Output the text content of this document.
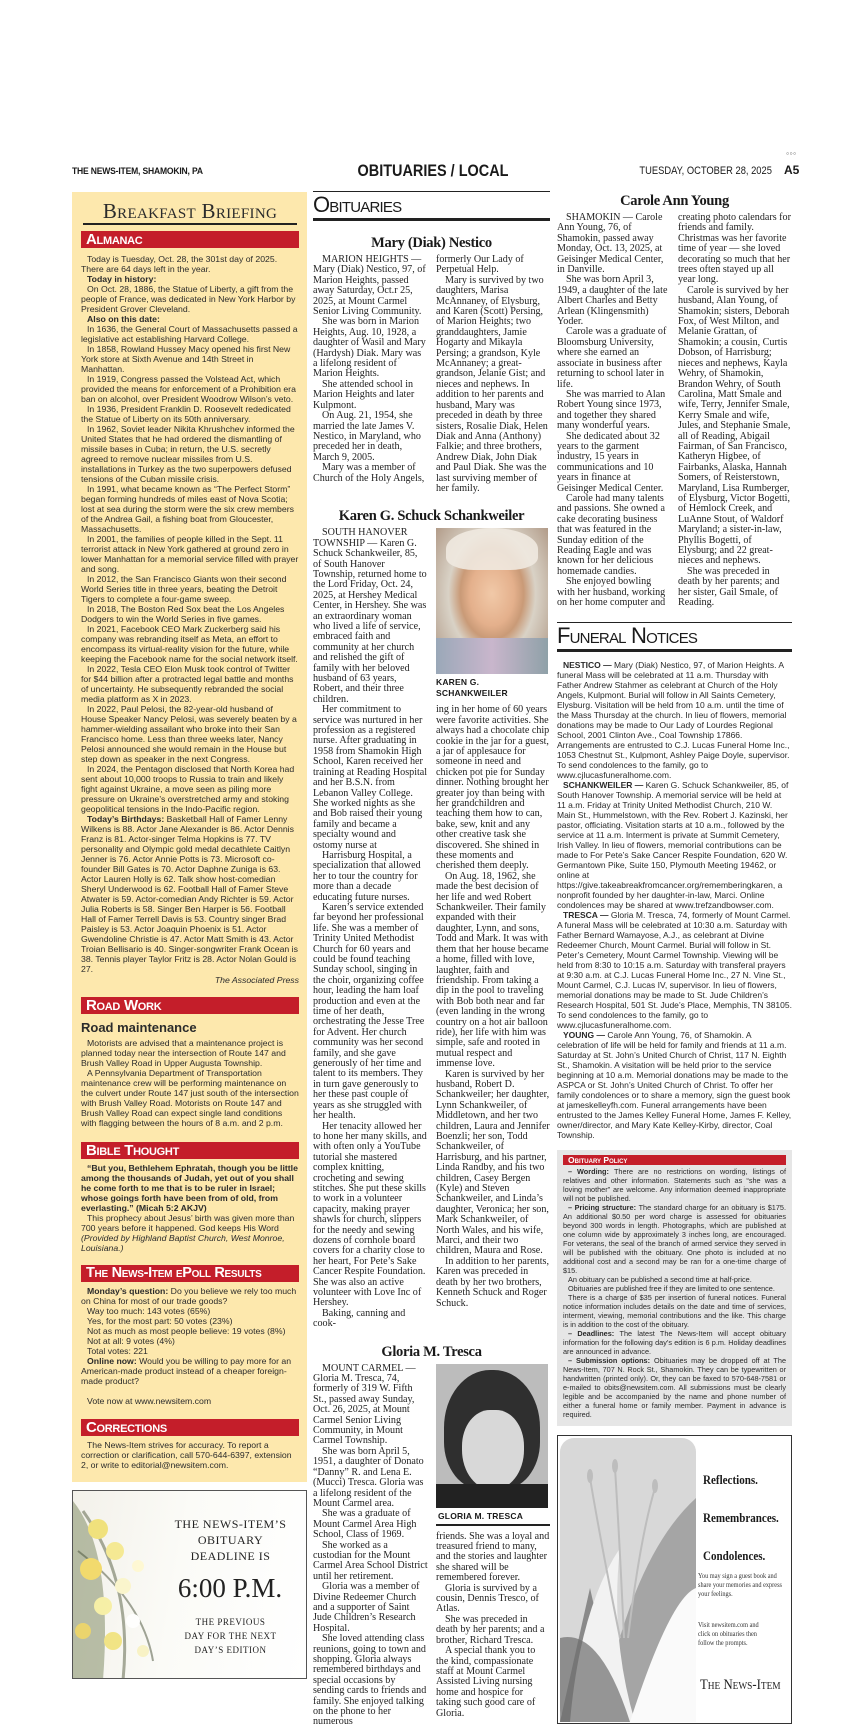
THE NEWS-ITEM, SHAMOKIN, PA	OBITUARIES / LOCAL	TUESDAY, OCTOBER 28, 2025
○○○
A5
Breakfast Briefing
Almanac

Today is Tuesday, Oct. 28, the 301st day of 2025. There are 64 days left in the year.

Today in history:

On Oct. 28, 1886, the Statue of Liberty, a gift from the people of France, was dedicated in New York Harbor by President Grover Cleveland.

Also on this date:

In 1636, the General Court of Massachusetts passed a legislative act establishing Harvard College.

In 1858, Rowland Hussey Macy opened his first New York store at Sixth Avenue and 14th Street in Manhattan.

In 1919, Congress passed the Volstead Act, which provided the means for enforcement of a Prohibition era ban on alcohol, over President Woodrow Wilson’s veto.

In 1936, President Franklin D. Roosevelt rededicated the Statue of Liberty on its 50th anniversary.

In 1962, Soviet leader Nikita Khrushchev informed the United States that he had ordered the dismantling of missile bases in Cuba; in return, the U.S. secretly agreed to remove nuclear missiles from U.S. installations in Turkey as the two superpowers defused tensions of the Cuban missile crisis.

In 1991, what became known as “The Perfect Storm” began forming hundreds of miles east of Nova Scotia; lost at sea during the storm were the six crew members of the Andrea Gail, a fishing boat from Gloucester, Massachusetts.

In 2001, the families of people killed in the Sept. 11 terrorist attack in New York gathered at ground zero in lower Manhattan for a memorial service filled with prayer and song.

In 2012, the San Francisco Giants won their second World Series title in three years, beating the Detroit Tigers to complete a four-game sweep.

In 2018, The Boston Red Sox beat the Los Angeles Dodgers to win the World Series in five games.

In 2021, Facebook CEO Mark Zuckerberg said his company was rebranding itself as Meta, an effort to encompass its virtual-reality vision for the future, while keeping the Facebook name for the social network itself.

In 2022, Tesla CEO Elon Musk took control of Twitter for $44 billion after a protracted legal battle and months of uncertainty. He subsequently rebranded the social media platform as X in 2023.

In 2022, Paul Pelosi, the 82-year-old husband of House Speaker Nancy Pelosi, was severely beaten by a hammer-wielding assailant who broke into their San Francisco home. Less than three weeks later, Nancy Pelosi announced she would remain in the House but step down as speaker in the next Congress.

In 2024, the Pentagon disclosed that North Korea had sent about 10,000 troops to Russia to train and likely fight against Ukraine, a move seen as piling more pressure on Ukraine’s overstretched army and stoking geopolitical tensions in the Indo-Pacific region.

Today’s Birthdays: Basketball Hall of Famer Lenny Wilkens is 88. Actor Jane Alexander is 86. Actor Dennis Franz is 81. Actor-singer Telma Hopkins is 77. TV personality and Olympic gold medal decathlete Caitlyn Jenner is 76. Actor Annie Potts is 73. Microsoft co-founder Bill Gates is 70. Actor Daphne Zuniga is 63. Actor Lauren Holly is 62. Talk show host-comedian Sheryl Underwood is 62. Football Hall of Famer Steve Atwater is 59. Actor-comedian Andy Richter is 59. Actor Julia Roberts is 58. Singer Ben Harper is 56. Football Hall of Famer Terrell Davis is 53. Country singer Brad Paisley is 53. Actor Joaquin Phoenix is 51. Actor Gwendoline Christie is 47. Actor Matt Smith is 43. Actor Troian Bellisario is 40. Singer-songwriter Frank Ocean is 38. Tennis player Taylor Fritz is 28. Actor Nolan Gould is 27.

The Associated Press
Road Work
Road maintenance

Motorists are advised that a maintenance project is planned today near the intersection of Route 147 and Brush Valley Road in Upper Augusta Township.

A Pennsylvania Department of Transportation maintenance crew will be performing maintenance on the culvert under Route 147 just south of the intersection with Brush Valley Road. Motorists on Route 147 and Brush Valley Road can expect single land conditions with flagging between the hours of 8 a.m. and 2 p.m.

Bible Thought

“But you, Bethlehem Ephratah, though you be little among the thousands of Judah, yet out of you shall he come forth to me that is to be ruler in Israel; whose goings forth have been from of old, from everlasting.” (Micah 5:2 AKJV)

This prophecy about Jesus’ birth was given more than 700 years before it happened. God keeps His Word (Provided by Highland Baptist Church, West Monroe, Louisiana.)

The News-Item ePoll Results

Monday’s question: Do you believe we rely too much on China for most of our trade goods?

Way too much: 143 votes (65%)

Yes, for the most part: 50 votes (23%)

Not as much as most people believe: 19 votes (8%)

Not at all: 9 votes (4%)

Total votes: 221

Online now: Would you be willing to pay more for an American-made product instead of a cheaper foreign-made product?

Vote now at www.newsitem.com

Corrections

The News-Item strives for accuracy. To report a correction or clarification, call 570-644-6397, extension 2, or write to editorial@newsitem.com.

THE NEWS-ITEM’S
OBITUARY
DEADLINE IS
6:00 P.M.
THE PREVIOUS
DAY FOR THE NEXT
DAY’S EDITION
Obituaries
Mary (Diak) Nestico

MARION HEIGHTS — Mary (Diak) Nestico, 97, of Marion Heights, passed away Saturday, Oct.r 25, 2025, at Mount Carmel Senior Living Community.

She was born in Marion Heights, Aug. 10, 1928, a daughter of Wasil and Mary (Hardysh) Diak. Mary was a lifelong resident of Marion Heights.

She attended school in Marion Heights and later Kulpmont.

On Aug. 21, 1954, she married the late James V. Nestico, in Maryland, who preceded her in death, March 9, 2005.

Mary was a member of Church of the Holy Angels,

formerly Our Lady of Perpetual Help.

Mary is survived by two daughters, Marisa McAnnaney, of Elysburg, and Karen (Scott) Persing, of Marion Heights; two granddaughters, Jamie Hogarty and Mikayla Persing; a grandson, Kyle McAnnaney; a great-grandson, Jelanie Gist; and nieces and nephews. In addition to her parents and husband, Mary was preceded in death by three sisters, Rosalie Diak, Helen Diak and Anna (Anthony) Falkie; and three brothers, Andrew Diak, John Diak and Paul Diak. She was the last surviving member of her family.

Karen G. Schuck Schankweiler

SOUTH HANOVER TOWNSHIP — Karen G. Schuck Schankweiler, 85, of South Hanover Township, returned home to the Lord Friday, Oct. 24, 2025, at Hershey Medical Center, in Hershey. She was an extraordinary woman who lived a life of service, embraced faith and community at her church and relished the gift of family with her beloved husband of 63 years, Robert, and their three children.

Her commitment to service was nurtured in her profession as a registered nurse. After graduating in 1958 from Shamokin High School, Karen received her training at Reading Hospital and her B.S.N. from Lebanon Valley College. She worked nights as she and Bob raised their young family and became a specialty wound and ostomy nurse at

Harrisburg Hospital, a specialization that allowed her to tour the country for more than a decade educating future nurses.

Karen’s service extended far beyond her professional life. She was a member of Trinity United Methodist Church for 60 years and could be found teaching Sunday school, singing in the choir, organizing coffee hour, leading the ham loaf production and even at the time of her death, orchestrating the Jesse Tree for Advent. Her church community was her second family, and she gave generously of her time and talent to its members. They in turn gave generously to her these past couple of years as she struggled with her health.

Her tenacity allowed her to hone her many skills, and with often only a YouTube tutorial she mastered complex knitting, crocheting and sewing stitches. She put these skills to work in a volunteer capacity, making prayer shawls for church, slippers for the needy and sewing dozens of cornhole board covers for a charity close to her heart, For Pete’s Sake Cancer Respite Foundation. She was also an active volunteer with Love Inc of Hershey.

Baking, canning and cook-

KAREN G. SCHANKWEILER

ing in her home of 60 years were favorite activities. She always had a chocolate chip cookie in the jar for a guest, a jar of applesauce for someone in need and chicken pot pie for Sunday dinner. Nothing brought her greater joy than being with her grandchildren and teaching them how to can, bake, sew, knit and any other creative task she discovered. She shined in these moments and cherished them deeply.

On Aug. 18, 1962, she made the best decision of her life and wed Robert Schankweiler. Their family expanded with their daughter, Lynn, and sons, Todd and Mark. It was with them that her house became a home, filled with love, laughter, faith and friendship. From taking a dip in the pool to traveling with Bob both near and far (even landing in the wrong country on a hot air balloon ride), her life with him was simple, safe and rooted in mutual respect and immense love.

Karen is survived by her husband, Robert D. Schankweiler; her daughter, Lynn Schankweiler, of Middletown, and her two children, Laura and Jennifer Boenzli; her son, Todd Schankweiler, of Harrisburg, and his partner, Linda Randby, and his two children, Casey Bergen (Kyle) and Steven Schankweiler, and Linda’s daughter, Veronica; her son, Mark Schankweiler, of North Wales, and his wife, Marci, and their two children, Maura and Rose.

In addition to her parents, Karen was preceded in death by her two brothers, Kenneth Schuck and Roger Schuck.

Gloria M. Tresca

MOUNT CARMEL — Gloria M. Tresca, 74, formerly of 319 W. Fifth St., passed away Sunday, Oct. 26, 2025, at Mount Carmel Senior Living Community, in Mount Carmel Township.

She was born April 5, 1951, a daughter of Donato “Danny” R. and Lena E. (Mucci) Tresca. Gloria was a lifelong resident of the Mount Carmel area.

She was a graduate of Mount Carmel Area High School, Class of 1969.

She worked as a custodian for the Mount Carmel Area School District until her retirement.

Gloria was a member of Divine Redeemer Church and a supporter of Saint Jude Children’s Research Hospital.

She loved attending class reunions, going to town and shopping. Gloria always remembered birthdays and special occasions by sending cards to friends and family. She enjoyed talking on the phone to her numerous

GLORIA M. TRESCA

friends. She was a loyal and treasured friend to many, and the stories and laughter she shared will be remembered forever.

Gloria is survived by a cousin, Dennis Tresco, of Atlas.

She was preceded in death by her parents; and a brother, Richard Tresca.

A special thank you to the kind, compassionate staff at Mount Carmel Assisted Living nursing home and hospice for taking such good care of Gloria.

Carole Ann Young

SHAMOKIN — Carole Ann Young, 76, of Shamokin, passed away Monday, Oct. 13, 2025, at Geisinger Medical Center, in Danville.

She was born April 3, 1949, a daughter of the late Albert Charles and Betty Arlean (Klingensmith) Yoder.

Carole was a graduate of Bloomsburg University, where she earned an associate in business after returning to school later in life.

She was married to Alan Robert Young since 1973, and together they shared many wonderful years.

She dedicated about 32 years to the garment industry, 15 years in communications and 10 years in finance at Geisinger Medical Center.

Carole had many talents and passions. She owned a cake decorating business that was featured in the Sunday edition of the Reading Eagle and was known for her delicious homemade candies.

She enjoyed bowling with her husband, working on her home computer and

creating photo calendars for friends and family. Christmas was her favorite time of year — she loved decorating so much that her trees often stayed up all year long.

Carole is survived by her husband, Alan Young, of Shamokin; sisters, Deborah Fox, of West Milton, and Melanie Grattan, of Shamokin; a cousin, Curtis Dobson, of Harrisburg; nieces and nephews, Kayla Wehry, of Shamokin, Brandon Wehry, of South Carolina, Matt Smale and wife, Terry, Jennifer Smale, Kerry Smale and wife, Jules, and Stephanie Smale, all of Reading, Abigail Fairman, of San Francisco, Katheryn Higbee, of Fairbanks, Alaska, Hannah Somers, of Reisterstown, Maryland, Lisa Rumberger, of Elysburg, Victor Bogetti, of Hemlock Creek, and LuAnne Stout, of Waldorf Maryland; a sister-in-law, Phyllis Bogetti, of Elysburg; and 22 great-nieces and nephews.

She was preceded in death by her parents; and her sister, Gail Smale, of Reading.

Funeral Notices

NESTICO — Mary (Diak) Nestico, 97, of Marion Heights. A funeral Mass will be celebrated at 11 a.m. Thursday with Father Andrew Stahmer as celebrant at Church of the Holy Angels, Kulpmont. Burial will follow in All Saints Cemetery, Elysburg. Visitation will be held from 10 a.m. until the time of the Mass Thursday at the church. In lieu of flowers, memorial donations may be made to Our Lady of Lourdes Regional School, 2001 Clinton Ave., Coal Township 17866. Arrangements are entrusted to C.J. Lucas Funeral Home Inc., 1053 Chestnut St., Kulpmont, Ashley Paige Doyle, supervisor. To send condolences to the family, go to www.cjlucasfuneralhome.com.

SCHANKWEILER — Karen G. Schuck Schankweiler, 85, of South Hanover Township. A memorial service will be held at 11 a.m. Friday at Trinity United Methodist Church, 210 W. Main St., Hummelstown, with the Rev. Robert J. Kazinski, her pastor, officiating. Visitation starts at 10 a.m., followed by the service at 11 a.m. Interment is private at Summit Cemetery, Irish Valley. In lieu of flowers, memorial contributions can be made to For Pete’s Sake Cancer Respite Foundation, 620 W. Germantown Pike, Suite 150, Plymouth Meeting 19462, or online at https://give.takeabreakfromcancer.org/rememberingkaren, a nonprofit founded by her daughter-in-law, Marci. Online condolences may be shared at www.trefzandbowser.com.

TRESCA — Gloria M. Tresca, 74, formerly of Mount Carmel. A funeral Mass will be celebrated at 10:30 a.m. Saturday with Father Bernard Wamayose, A.J., as celebrant at Divine Redeemer Church, Mount Carmel. Burial will follow in St. Peter’s Cemetery, Mount Carmel Township. Viewing will be held from 8:30 to 10:15 a.m. Saturday with transferal prayers at 9:30 a.m. at C.J. Lucas Funeral Home Inc., 27 N. Vine St., Mount Carmel, C.J. Lucas IV, supervisor. In lieu of flowers, memorial donations may be made to St. Jude Children’s Research Hospital, 501 St. Jude’s Place, Memphis, TN 38105. To send condolences to the family, go to www.cjlucasfuneralhome.com.

YOUNG — Carole Ann Young, 76, of Shamokin. A celebration of life will be held for family and friends at 11 a.m. Saturday at St. John’s United Church of Christ, 117 N. Eighth St., Shamokin. A visitation will be held prior to the service beginning at 10 a.m. Memorial donations may be made to the ASPCA or St. John’s United Church of Christ. To offer her family condolences or to share a memory, sign the guest book at jameskelleyfh.com. Funeral arrangements have been entrusted to the James Kelley Funeral Home, James F. Kelley, owner/director, and Mary Kate Kelley-Kirby, director, Coal Township.

Obituary Policy

– Wording: There are no restrictions on wording, listings of relatives and other information. Statements such as “she was a loving mother” are welcome. Any information deemed inappropriate will not be published.

– Pricing structure: The standard charge for an obituary is $175. An additional $0.50 per word charge is assessed for obituaries beyond 300 words in length. Photographs, which are published at one column wide by approximately 3 inches long, are encouraged. For veterans, the seal of the branch of armed service they served in will be published with the obituary. One photo is included at no additional cost and a second may be ran for a one-time charge of $15.

An obituary can be published a second time at half-price.

Obituaries are published free if they are limited to one sentence.

There is a charge of $35 per insertion of funeral notices. Funeral notice information includes details on the date and time of services, interment, viewing, memorial contributions and the like. This charge is in addition to the cost of the obituary.

– Deadlines: The latest The News-Item will accept obituary information for the following day’s edition is 6 p.m. Holiday deadlines are announced in advance.

– Submission options: Obituaries may be dropped off at The News-Item, 707 N. Rock St., Shamokin. They can be typewritten or handwritten (printed only). Or, they can be faxed to 570-648-7581 or e-mailed to obits@newsitem.com. All submissions must be clearly legible and be accompanied by the name and phone number of either a funeral home or family member. Payment in advance is required.

Reflections.
Remembrances.
Condolences.
You may sign a guest book and share your memories and express your feelings.
Visit newsitem.com and click on obituaries then follow the prompts.
The News-Item
